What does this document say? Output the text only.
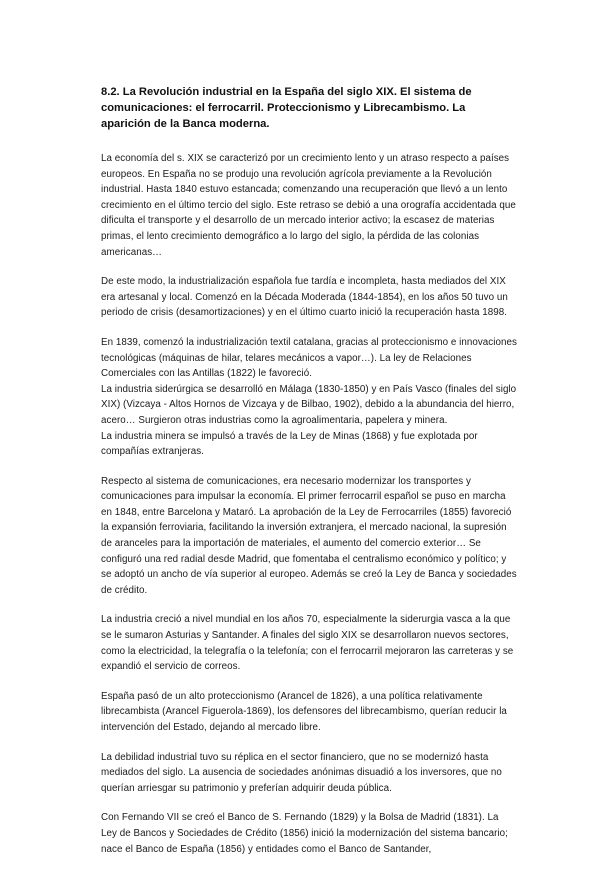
8.2. La Revolución industrial en la España del siglo XIX. El sistema de comunicaciones: el ferrocarril. Proteccionismo y Librecambismo. La aparición de la Banca moderna.

La economía del s. XIX se caracterizó por un crecimiento lento y un atraso respecto a países europeos. En España no se produjo una revolución agrícola previamente a la Revolución industrial. Hasta 1840 estuvo estancada; comenzando una recuperación que llevó a un lento crecimiento en el último tercio del siglo. Este retraso se debió a una orografía accidentada que dificulta el transporte y el desarrollo de un mercado interior activo; la escasez de materias primas, el lento crecimiento demográfico a lo largo del siglo, la pérdida de las colonias americanas…

De este modo, la industrialización española fue tardía e incompleta, hasta mediados del XIX era artesanal y local. Comenzó en la Década Moderada (1844-1854), en los años 50 tuvo un periodo de crisis (desamortizaciones) y en el último cuarto inició la recuperación hasta 1898.

En 1839, comenzó la industrialización textil catalana, gracias al proteccionismo e innovaciones tecnológicas (máquinas de hilar, telares mecánicos a vapor…). La ley de Relaciones Comerciales con las Antillas (1822) le favoreció.
La industria siderúrgica se desarrolló en Málaga (1830-1850) y en País Vasco (finales del siglo XIX) (Vizcaya - Altos Hornos de Vizcaya y de Bilbao, 1902), debido a la abundancia del hierro, acero… Surgieron otras industrias como la agroalimentaria, papelera y minera.
La industria minera se impulsó a través de la Ley de Minas (1868) y fue explotada por compañías extranjeras.

Respecto al sistema de comunicaciones, era necesario modernizar los transportes y comunicaciones para impulsar la economía. El primer ferrocarril español se puso en marcha en 1848, entre Barcelona y Mataró. La aprobación de la Ley de Ferrocarriles (1855) favoreció la expansión ferroviaria, facilitando la inversión extranjera, el mercado nacional, la supresión de aranceles para la importación de materiales, el aumento del comercio exterior… Se configuró una red radial desde Madrid, que fomentaba el centralismo económico y político; y se adoptó un ancho de vía superior al europeo. Además se creó la Ley de Banca y sociedades de crédito.

La industria creció a nivel mundial en los años 70, especialmente la siderurgia vasca a la que se le sumaron Asturias y Santander. A finales del siglo XIX se desarrollaron nuevos sectores, como la electricidad, la telegrafía o la telefonía; con el ferrocarril mejoraron las carreteras y se expandió el servicio de correos.

España pasó de un alto proteccionismo (Arancel de 1826), a una política relativamente librecambista (Arancel Figuerola-1869), los defensores del librecambismo, querían reducir la intervención del Estado, dejando al mercado libre.

La debilidad industrial tuvo su réplica en el sector financiero, que no se modernizó hasta mediados del siglo. La ausencia de sociedades anónimas disuadió a los inversores, que no querían arriesgar su patrimonio y preferían adquirir deuda pública.

Con Fernando VII se creó el Banco de S. Fernando (1829) y la Bolsa de Madrid (1831). La Ley de Bancos y Sociedades de Crédito (1856) inició la modernización del sistema bancario; nace el Banco de España (1856) y entidades como el Banco de Santander,
